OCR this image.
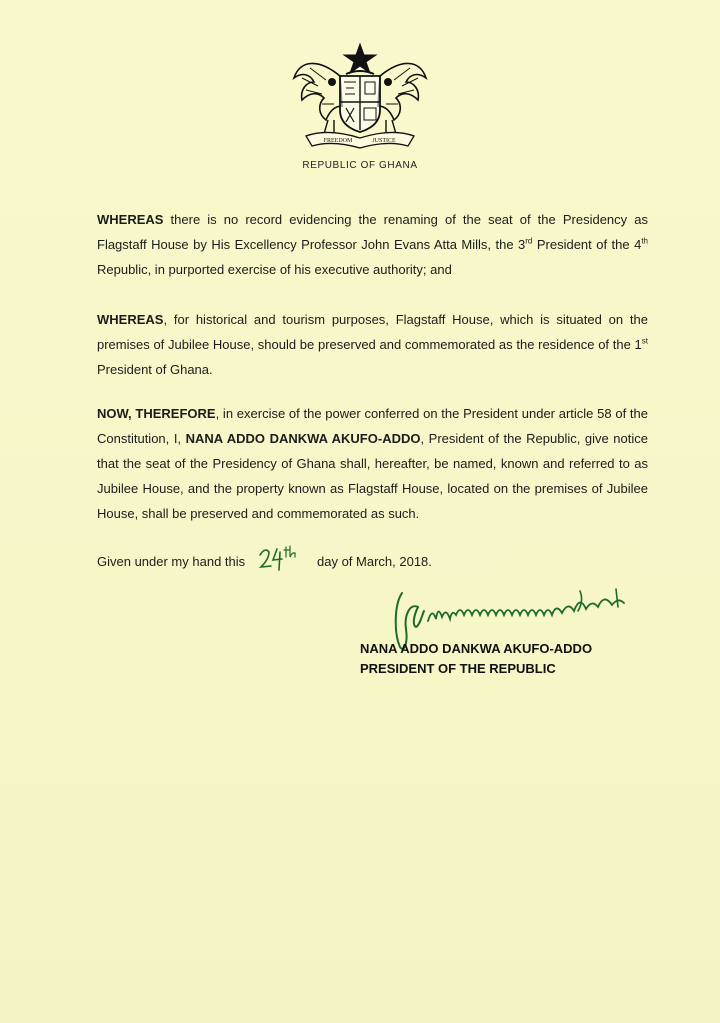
FREEDOM	JUSTICE
REPUBLIC OF GHANA
WHEREAS there is no record evidencing the renaming of the seat of the Presidency as Flagstaff House by His Excellency Professor John Evans Atta Mills, the 3rd President of the 4th Republic, in purported exercise of his executive authority; and
WHEREAS, for historical and tourism purposes, Flagstaff House, which is situated on the premises of Jubilee House, should be preserved and commemorated as the residence of the 1st President of Ghana.
NOW, THEREFORE, in exercise of the power conferred on the President under article 58 of the Constitution, I, NANA ADDO DANKWA AKUFO-ADDO, President of the Republic, give notice that the seat of the Presidency of Ghana shall, hereafter, be named, known and referred to as Jubilee House, and the property known as Flagstaff House, located on the premises of Jubilee House, shall be preserved and commemorated as such.
Given under my hand this	day of March, 2018.
NANA ADDO DANKWA AKUFO-ADDO
PRESIDENT OF THE REPUBLIC
